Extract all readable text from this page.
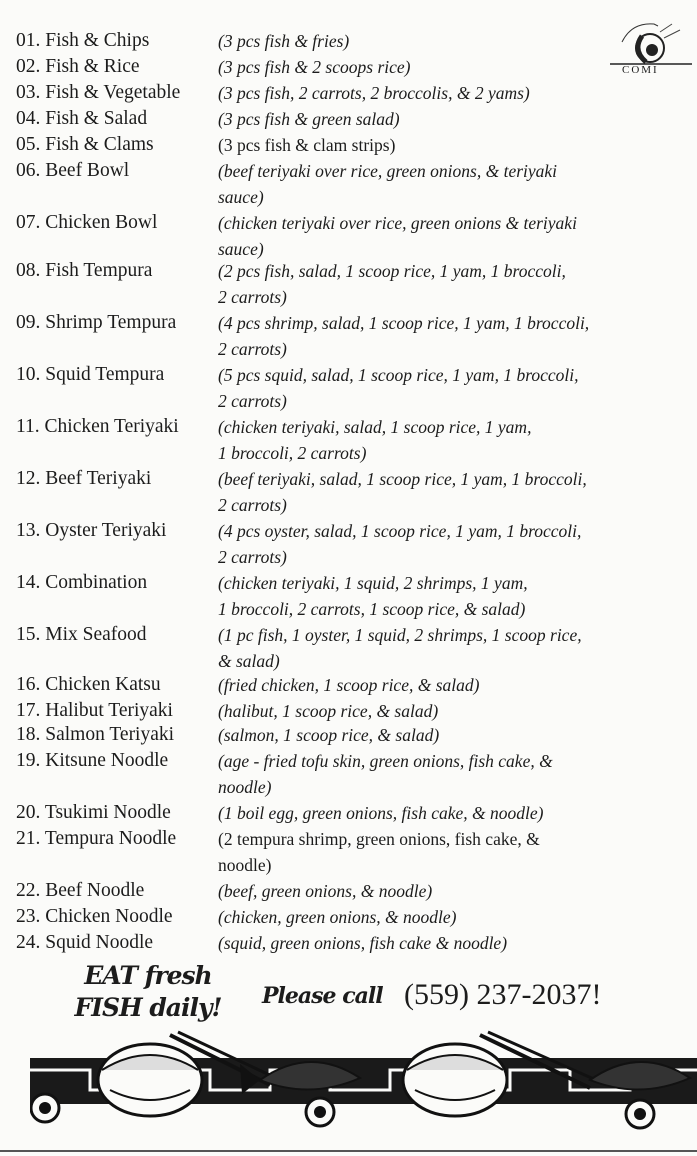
01. Fish & Chips	(3 pcs fish & fries)
02. Fish & Rice	(3 pcs fish & 2 scoops rice)
03. Fish & Vegetable	(3 pcs fish, 2 carrots, 2 broccolis, & 2 yams)
04. Fish & Salad	(3 pcs fish & green salad)
05. Fish & Clams	(3 pcs fish & clam strips)
06. Beef Bowl	(beef teriyaki over rice, green onions, & teriyaki
sauce)
07. Chicken Bowl	(chicken teriyaki over rice, green onions & teriyaki
sauce)
08. Fish Tempura	(2 pcs fish, salad, 1 scoop rice, 1 yam, 1 broccoli,
2 carrots)
09. Shrimp Tempura	(4 pcs shrimp, salad, 1 scoop rice, 1 yam, 1 broccoli,
2 carrots)
10. Squid Tempura	(5 pcs squid, salad, 1 scoop rice, 1 yam, 1 broccoli,
2 carrots)
11. Chicken Teriyaki	(chicken teriyaki, salad, 1 scoop rice, 1 yam,
1 broccoli, 2 carrots)
12. Beef Teriyaki	(beef teriyaki, salad, 1 scoop rice, 1 yam, 1 broccoli,
2 carrots)
13. Oyster Teriyaki	(4 pcs oyster, salad, 1 scoop rice, 1 yam, 1 broccoli,
2 carrots)
14. Combination	(chicken teriyaki, 1 squid, 2 shrimps, 1 yam,
1 broccoli, 2 carrots, 1 scoop rice, & salad)
15. Mix Seafood	(1 pc fish, 1 oyster, 1 squid, 2 shrimps, 1 scoop rice,
& salad)
16. Chicken Katsu	(fried chicken, 1 scoop rice, & salad)
17. Halibut Teriyaki	(halibut, 1 scoop rice, & salad)
18. Salmon Teriyaki	(salmon, 1 scoop rice, & salad)
19. Kitsune Noodle	(age - fried tofu skin, green onions, fish cake, &
noodle)
20. Tsukimi Noodle	(1 boil egg, green onions, fish cake, & noodle)
21. Tempura Noodle	(2 tempura shrimp, green onions, fish cake, &
noodle)
22. Beef Noodle	(beef, green onions, & noodle)
23. Chicken Noodle	(chicken, green onions, & noodle)
24. Squid Noodle	(squid, green onions, fish cake & noodle)
COMI
EAT fresh
FISH daily!	Please call (559) 237-2037!
